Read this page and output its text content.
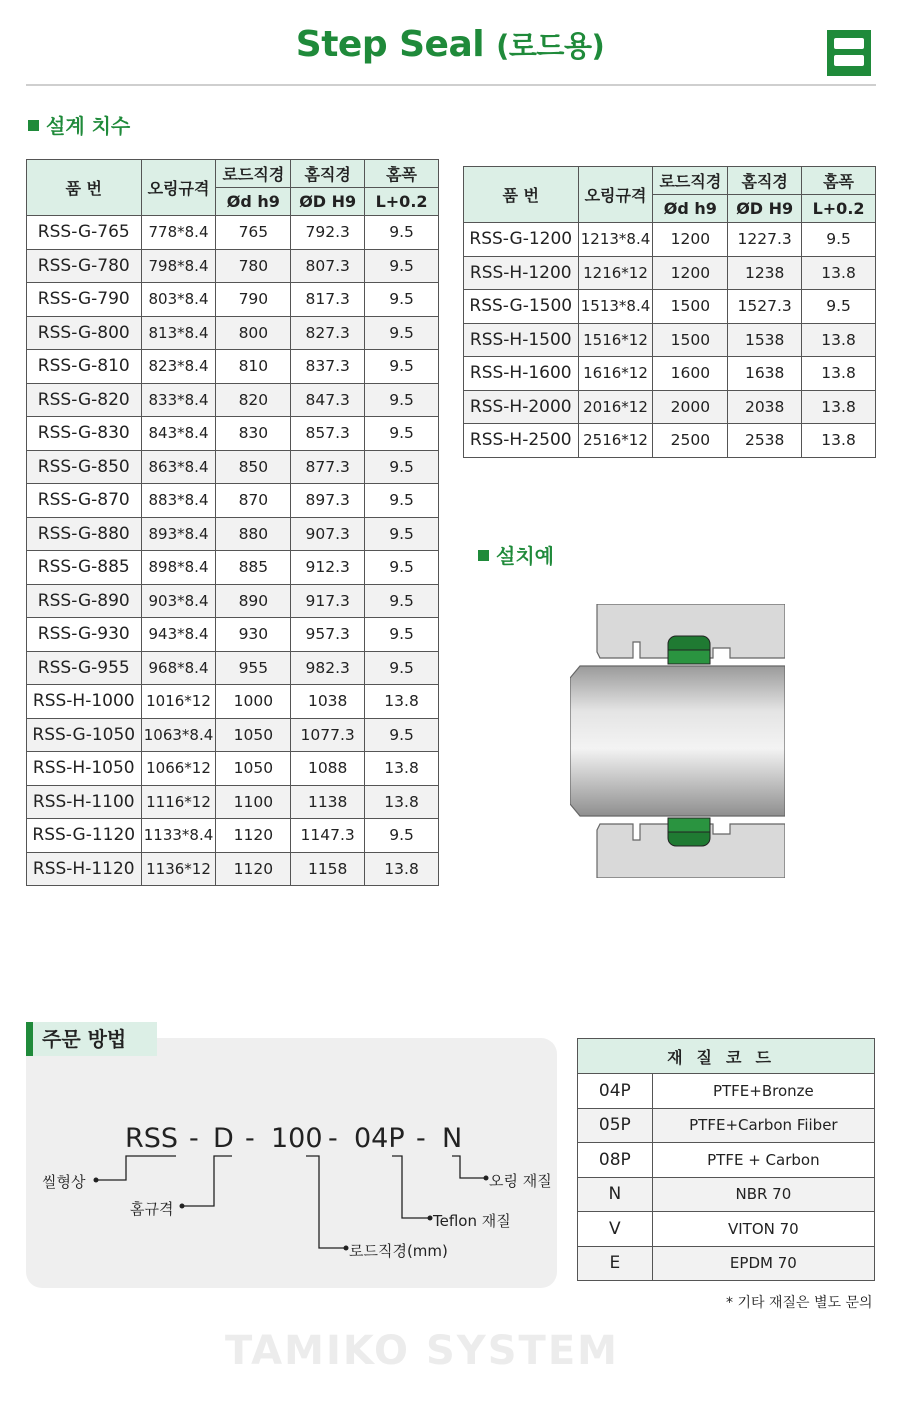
Step Seal (로드용)
설계 치수
품 번	오링규격	로드직경	홈직경	홈폭
		Ød h9	ØD H9	L+0.2
RSS-G-765	778*8.4	765	792.3	9.5
RSS-G-780	798*8.4	780	807.3	9.5
RSS-G-790	803*8.4	790	817.3	9.5
RSS-G-800	813*8.4	800	827.3	9.5
RSS-G-810	823*8.4	810	837.3	9.5
RSS-G-820	833*8.4	820	847.3	9.5
RSS-G-830	843*8.4	830	857.3	9.5
RSS-G-850	863*8.4	850	877.3	9.5
RSS-G-870	883*8.4	870	897.3	9.5
RSS-G-880	893*8.4	880	907.3	9.5
RSS-G-885	898*8.4	885	912.3	9.5
RSS-G-890	903*8.4	890	917.3	9.5
RSS-G-930	943*8.4	930	957.3	9.5
RSS-G-955	968*8.4	955	982.3	9.5
RSS-H-1000	1016*12	1000	1038	13.8
RSS-G-1050	1063*8.4	1050	1077.3	9.5
RSS-H-1050	1066*12	1050	1088	13.8
RSS-H-1100	1116*12	1100	1138	13.8
RSS-G-1120	1133*8.4	1120	1147.3	9.5
RSS-H-1120	1136*12	1120	1158	13.8
품 번	오링규격	로드직경	홈직경	홈폭
		Ød h9	ØD H9	L+0.2
RSS-G-1200	1213*8.4	1200	1227.3	9.5
RSS-H-1200	1216*12	1200	1238	13.8
RSS-G-1500	1513*8.4	1500	1527.3	9.5
RSS-H-1500	1516*12	1500	1538	13.8
RSS-H-1600	1616*12	1600	1638	13.8
RSS-H-2000	2016*12	2000	2038	13.8
RSS-H-2500	2516*12	2500	2538	13.8
설치예
주문 방법
RSS - D - 100 - 04P - N
씰형상
홈규격
로드직경(mm)
Teflon 재질
오링 재질
재질코드	
04P	PTFE+Bronze
05P	PTFE+Carbon Fiiber
08P	PTFE + Carbon
N	NBR 70
V	VITON 70
E	EPDM 70
* 기타 재질은 별도 문의
TAMIKO SYSTEM
